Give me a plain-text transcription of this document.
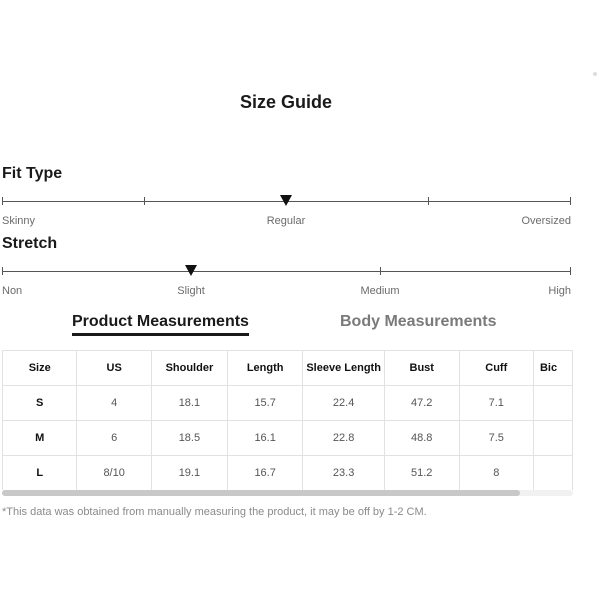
Size Guide
Fit Type
Skinny	Regular	Oversized
Stretch
Non	Slight	Medium	High
Product Measurements	Body Measurements
Size	US	Shoulder	Length	Sleeve Length	Bust	Cuff	Bic
S	4	18.1	15.7	22.4	47.2	7.1	
M	6	18.5	16.1	22.8	48.8	7.5	
L	8/10	19.1	16.7	23.3	51.2	8	
*This data was obtained from manually measuring the product, it may be off by 1-2 CM.
